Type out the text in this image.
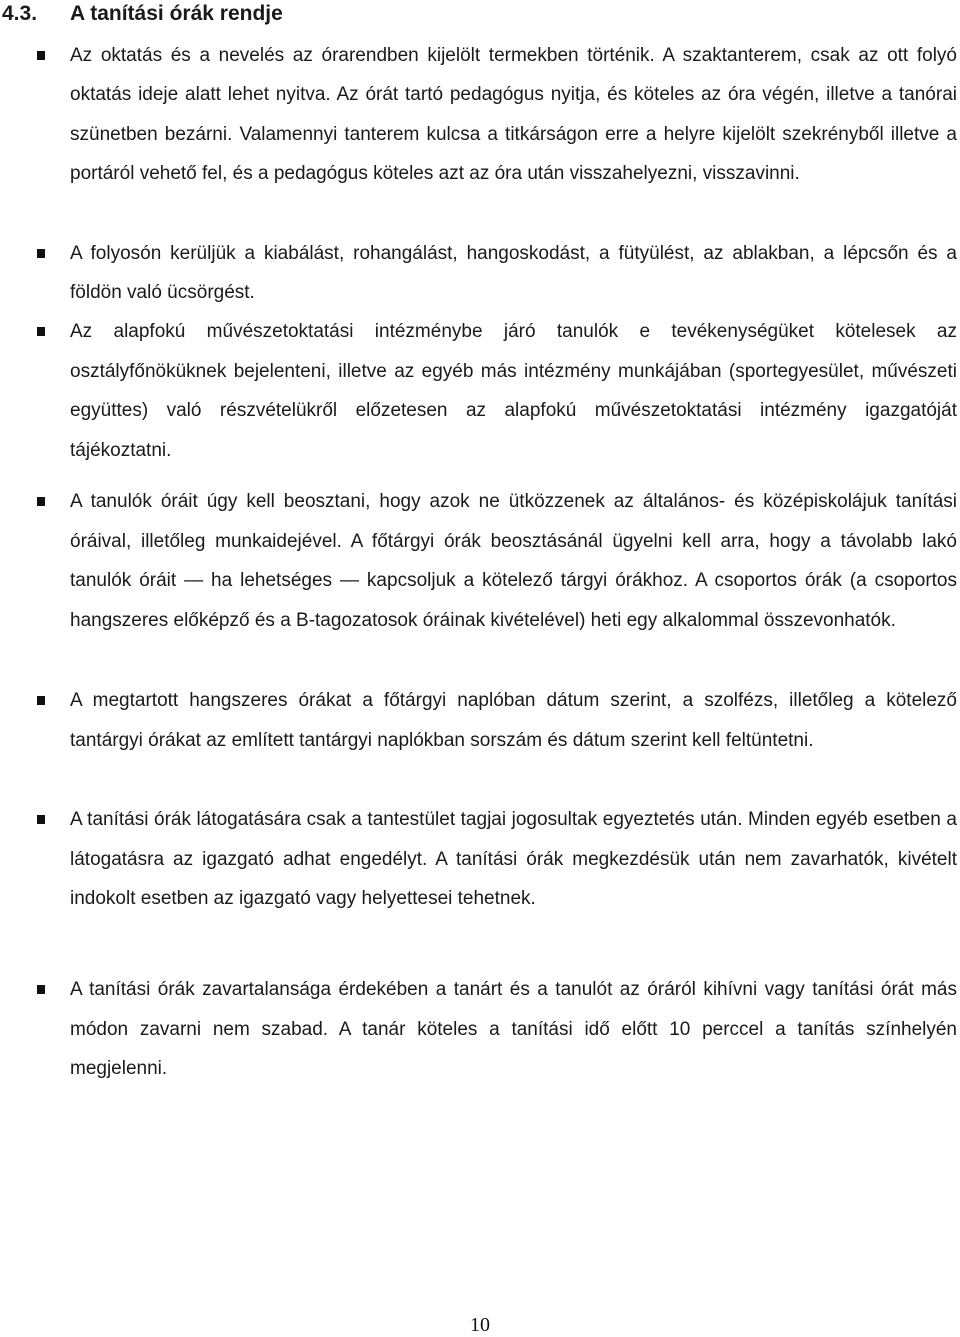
4.3. A tanítási órák rendje
Az oktatás és a nevelés az órarendben kijelölt termekben történik. A szaktanterem, csak az ott folyó oktatás ideje alatt lehet nyitva. Az órát tartó pedagógus nyitja, és köteles az óra végén, illetve a tanórai szünetben bezárni. Valamennyi tanterem kulcsa a titkárságon erre a helyre kijelölt szekrényből illetve a portáról vehető fel, és a pedagógus köteles azt az óra után visszahelyezni, visszavinni.
A folyosón kerüljük a kiabálást, rohangálást, hangoskodást, a fütyülést, az ablakban, a lépcsőn és a földön való ücsörgést.
Az alapfokú művészetoktatási intézménybe járó tanulók e tevékenységüket kötelesek az osztályfőnöküknek bejelenteni, illetve az egyéb más intézmény munkájában (sportegyesület, művészeti együttes) való részvételükről előzetesen az alapfokú művészetoktatási intézmény igazgatóját tájékoztatni.
A tanulók óráit úgy kell beosztani, hogy azok ne ütközzenek az általános- és középiskolájuk tanítási óráival, illetőleg munkaidejével. A főtárgyi órák beosztásánál ügyelni kell arra, hogy a távolabb lakó tanulók óráit — ha lehetséges — kapcsoljuk a kötelező tárgyi órákhoz. A csoportos órák (a csoportos hangszeres előképző és a B-tagozatosok óráinak kivételével) heti egy alkalommal összevonhatók.
A megtartott hangszeres órákat a főtárgyi naplóban dátum szerint, a szolfézs, illetőleg a kötelező tantárgyi órákat az említett tantárgyi naplókban sorszám és dátum szerint kell feltüntetni.
A tanítási órák látogatására csak a tantestület tagjai jogosultak egyeztetés után. Minden egyéb esetben a látogatásra az igazgató adhat engedélyt. A tanítási órák megkezdésük után nem zavarhatók, kivételt indokolt esetben az igazgató vagy helyettesei tehetnek.
A tanítási órák zavartalansága érdekében a tanárt és a tanulót az óráról kihívni vagy tanítási órát más módon zavarni nem szabad. A tanár köteles a tanítási idő előtt 10 perccel a tanítás színhelyén megjelenni.
10
